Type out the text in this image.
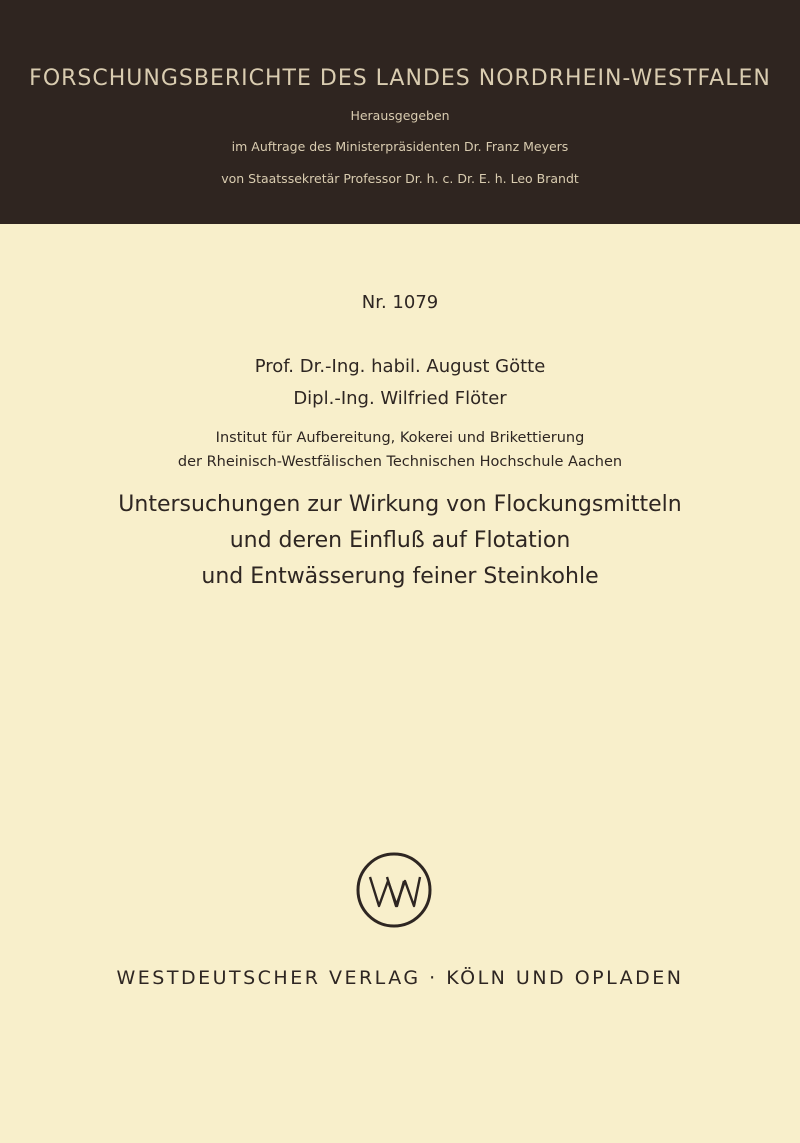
FORSCHUNGSBERICHTE DES LANDES NORDRHEIN-WESTFALEN
Herausgegeben
im Auftrage des Ministerpräsidenten Dr. Franz Meyers
von Staatssekretär Professor Dr. h. c. Dr. E. h. Leo Brandt
Nr. 1079
Prof. Dr.-Ing. habil. August Götte
Dipl.-Ing. Wilfried Flöter
Institut für Aufbereitung, Kokerei und Brikettierung
der Rheinisch-Westfälischen Technischen Hochschule Aachen
Untersuchungen zur Wirkung von Flockungsmitteln
und deren Einfluß auf Flotation
und Entwässerung feiner Steinkohle
WESTDEUTSCHER VERLAG · KÖLN UND OPLADEN
